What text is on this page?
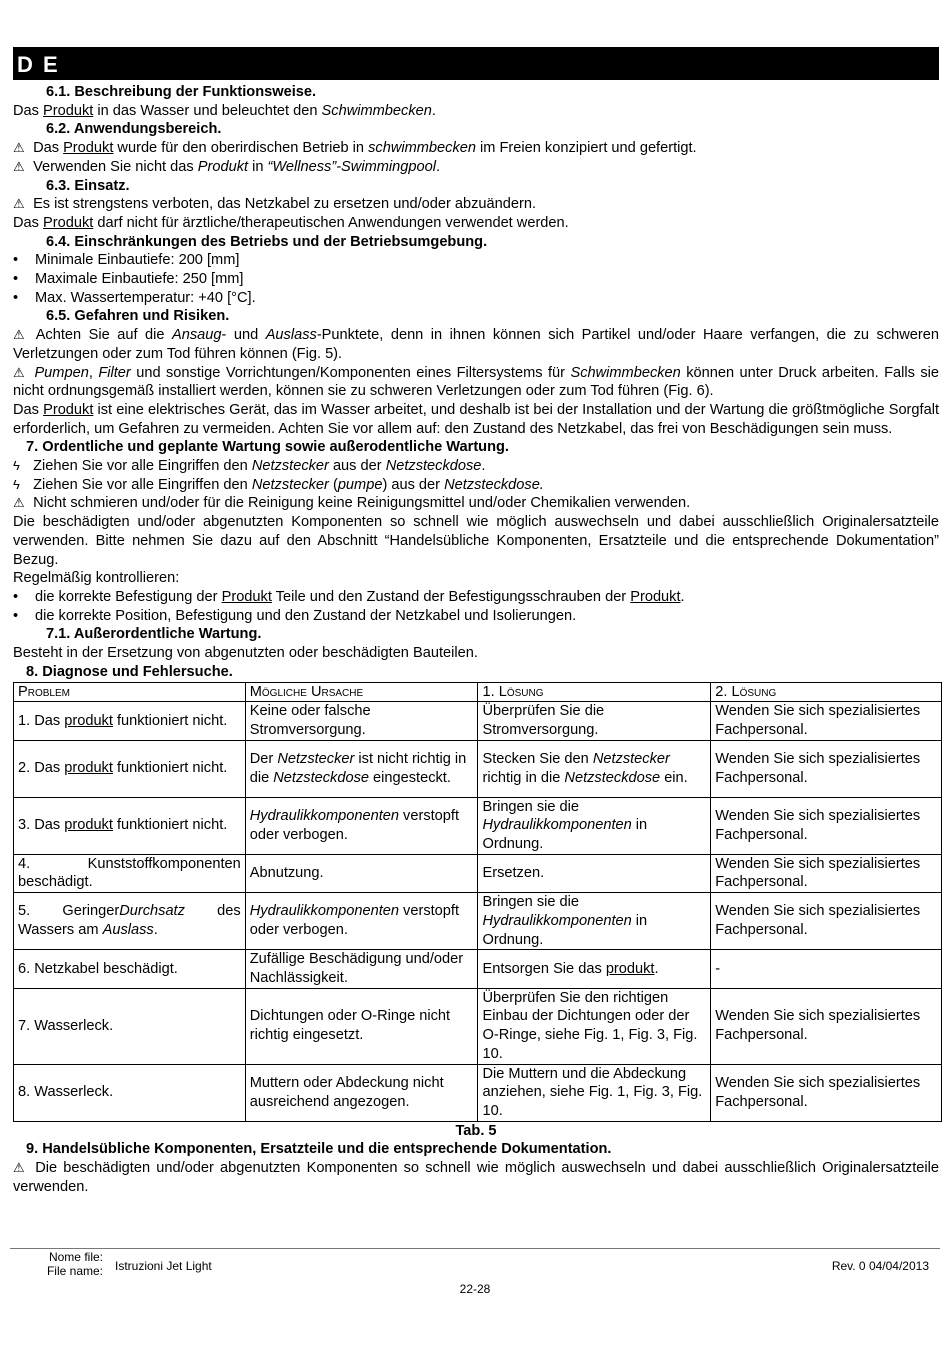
D E
6.1. Beschreibung der Funktionsweise.
Das Produkt in das Wasser und beleuchtet den Schwimmbecken.
6.2. Anwendungsbereich.
⚠ Das Produkt wurde für den oberirdischen Betrieb in schwimmbecken im Freien konzipiert und gefertigt.
⚠ Verwenden Sie nicht das Produkt in “Wellness”-Swimmingpool.
6.3. Einsatz.
⚠ Es ist strengstens verboten, das Netzkabel zu ersetzen und/oder abzuändern.
Das Produkt darf nicht für ärztliche/therapeutischen Anwendungen verwendet werden.
6.4. Einschränkungen des Betriebs und der Betriebsumgebung.
• Minimale Einbautiefe: 200 [mm]
• Maximale Einbautiefe: 250 [mm]
• Max. Wassertemperatur: +40 [°C].
6.5. Gefahren und Risiken.
⚠ Achten Sie auf die Ansaug- und Auslass-Punktete, denn in ihnen können sich Partikel und/oder Haare verfangen, die zu schweren Verletzungen oder zum Tod führen können (Fig. 5).
⚠ Pumpen, Filter und sonstige Vorrichtungen/Komponenten eines Filtersystems für Schwimmbecken können unter Druck arbeiten. Falls sie nicht ordnungsgemäß installiert werden, können sie zu schweren Verletzungen oder zum Tod führen (Fig. 6).
Das Produkt ist eine elektrisches Gerät, das im Wasser arbeitet, und deshalb ist bei der Installation und der Wartung die größtmögliche Sorgfalt erforderlich, um Gefahren zu vermeiden. Achten Sie vor allem auf: den Zustand des Netzkabel, das frei von Beschädigungen sein muss.
7. Ordentliche und geplante Wartung sowie außerodentliche Wartung.
ϟ Ziehen Sie vor alle Eingriffen den Netzstecker aus der Netzsteckdose.
ϟ Ziehen Sie vor alle Eingriffen den Netzstecker (pumpe) aus der Netzsteckdose.
⚠ Nicht schmieren und/oder für die Reinigung keine Reinigungsmittel und/oder Chemikalien verwenden.
Die beschädigten und/oder abgenutzten Komponenten so schnell wie möglich auswechseln und dabei ausschließlich Originalersatzteile verwenden. Bitte nehmen Sie dazu auf den Abschnitt “Handelsübliche Komponenten, Ersatzteile und die entsprechende Dokumentation” Bezug.
Regelmäßig kontrollieren:
• die korrekte Befestigung der Produkt Teile und den Zustand der Befestigungsschrauben der Produkt.
• die korrekte Position, Befestigung und den Zustand der Netzkabel und Isolierungen.
7.1. Außerordentliche Wartung.
Besteht in der Ersetzung von abgenutzten oder beschädigten Bauteilen.
8. Diagnose und Fehlersuche.
Problem	Mögliche Ursache	1. Lösung	2. Lösung
1. Das produkt funktioniert nicht.	Keine oder falsche Stromversorgung.	Überprüfen Sie die Stromversorgung.	Wenden Sie sich spezialisiertes Fachpersonal.
2. Das produkt funktioniert nicht.	Der Netzstecker ist nicht richtig in die Netzsteckdose eingesteckt.	Stecken Sie den Netzstecker richtig in die Netzsteckdose ein.	Wenden Sie sich spezialisiertes Fachpersonal.
3. Das produkt funktioniert nicht.	Hydraulikkomponenten verstopft oder verbogen.	Bringen sie die Hydraulikkomponenten in Ordnung.	Wenden Sie sich spezialisiertes Fachpersonal.
4. Kunststoffkomponenten beschädigt.	Abnutzung.	Ersetzen.	Wenden Sie sich spezialisiertes Fachpersonal.
5. GeringerDurchsatz des Wassers am Auslass.	Hydraulikkomponenten verstopft oder verbogen.	Bringen sie die Hydraulikkomponenten in Ordnung.	Wenden Sie sich spezialisiertes Fachpersonal.
6. Netzkabel beschädigt.	Zufällige Beschädigung und/oder Nachlässigkeit.	Entsorgen Sie das produkt.	-
7. Wasserleck.	Dichtungen oder O-Ringe nicht richtig eingesetzt.	Überprüfen Sie den richtigen Einbau der Dichtungen oder der O-Ringe, siehe Fig. 1, Fig. 3, Fig. 10.	Wenden Sie sich spezialisiertes Fachpersonal.
8. Wasserleck.	Muttern oder Abdeckung nicht ausreichend angezogen.	Die Muttern und die Abdeckung anziehen, siehe Fig. 1, Fig. 3, Fig. 10.	Wenden Sie sich spezialisiertes Fachpersonal.
Tab. 5
9. Handelsübliche Komponenten, Ersatzteile und die entsprechende Dokumentation.
⚠ Die beschädigten und/oder abgenutzten Komponenten so schnell wie möglich auswechseln und dabei ausschließlich Originalersatzteile verwenden.
Nome file:
File name: Istruzioni Jet Light	Rev. 0 04/04/2013
22-28
